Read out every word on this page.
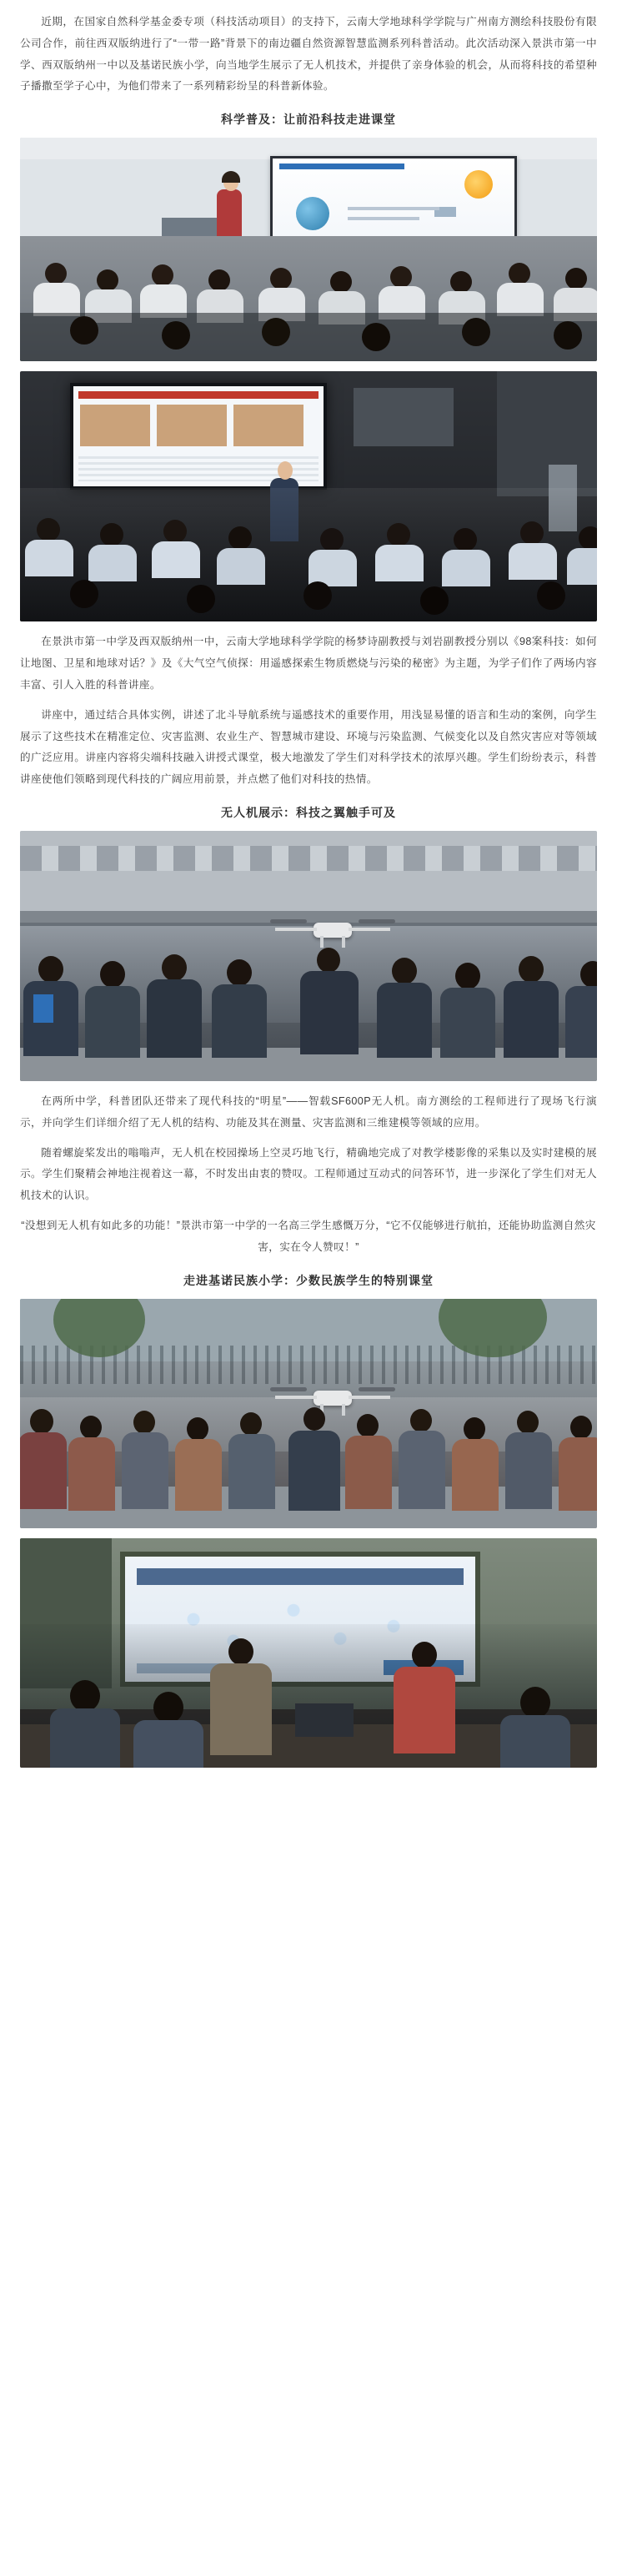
近期，在国家自然科学基金委专项（科技活动项目）的支持下，云南大学地球科学学院与广州南方测绘科技股份有限公司合作，前往西双版纳进行了“一带一路”背景下的南边疆自然资源智慧监测系列科普活动。此次活动深入景洪市第一中学、西双版纳州一中以及基诺民族小学，向当地学生展示了无人机技术，并提供了亲身体验的机会，从而将科技的希望种子播撒至学子心中，为他们带来了一系列精彩纷呈的科普新体验。

科学普及：让前沿科技走进课堂

在景洪市第一中学及西双版纳州一中，云南大学地球科学学院的杨梦诗副教授与刘岩副教授分别以《98案科技：如何让地图、卫星和地球对话？》及《大气空气侦探：用遥感探索生物质燃烧与污染的秘密》为主题，为学子们作了两场内容丰富、引人入胜的科普讲座。

讲座中，通过结合具体实例，讲述了北斗导航系统与遥感技术的重要作用，用浅显易懂的语言和生动的案例，向学生展示了这些技术在精准定位、灾害监测、农业生产、智慧城市建设、环境与污染监测、气候变化以及自然灾害应对等领域的广泛应用。讲座内容将尖端科技融入讲授式课堂，极大地激发了学生们对科学技术的浓厚兴趣。学生们纷纷表示，科普讲座使他们领略到现代科技的广阔应用前景，并点燃了他们对科技的热情。

无人机展示：科技之翼触手可及

在两所中学，科普团队还带来了现代科技的“明星”——智载SF600P无人机。南方测绘的工程师进行了现场飞行演示，并向学生们详细介绍了无人机的结构、功能及其在测量、灾害监测和三维建模等领域的应用。

随着螺旋桨发出的嗡嗡声，无人机在校园操场上空灵巧地飞行，精确地完成了对教学楼影像的采集以及实时建模的展示。学生们聚精会神地注视着这一幕，不时发出由衷的赞叹。工程师通过互动式的问答环节，进一步深化了学生们对无人机技术的认识。

“没想到无人机有如此多的功能！”景洪市第一中学的一名高三学生感慨万分，“它不仅能够进行航拍，还能协助监测自然灾害，实在令人赞叹！”

走进基诺民族小学：少数民族学生的特别课堂
